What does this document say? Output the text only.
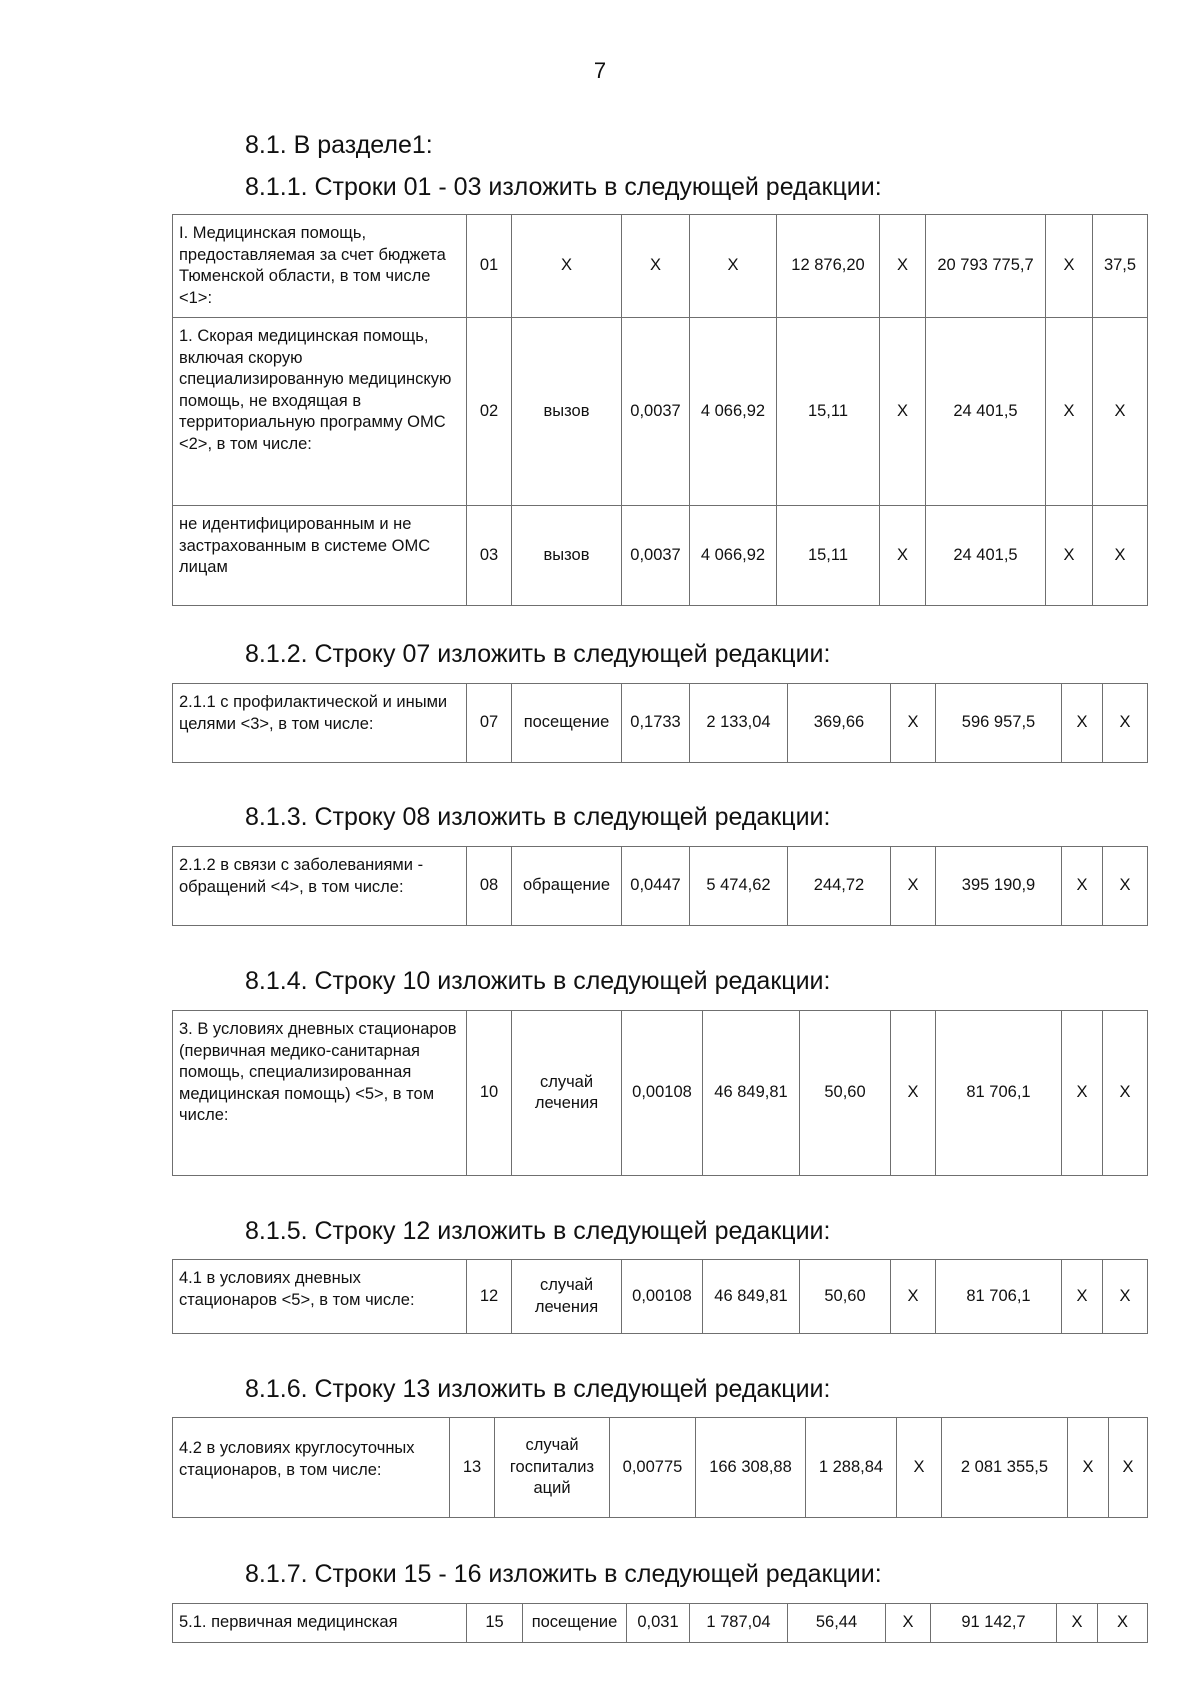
7
8.1. В разделе1:
8.1.1. Строки 01 - 03 изложить в следующей редакции:
I. Медицинская помощь, предоставляемая за счет бюджета Тюменской области, в том числе <1>:	01	X	X	X	12 876,20	X	20 793 775,7	X	37,5
1. Скорая медицинская помощь, включая скорую специализированную медицинскую помощь, не входящая в территориальную программу ОМС <2>, в том числе:	02	вызов	0,0037	4 066,92	15,11	X	24 401,5	X	X
не идентифицированным и не застрахованным в системе ОМС лицам	03	вызов	0,0037	4 066,92	15,11	X	24 401,5	X	X
8.1.2. Строку 07 изложить в следующей редакции:
2.1.1 с профилактической и иными целями <3>, в том числе:	07	посещение	0,1733	2 133,04	369,66	X	596 957,5	X	X
8.1.3. Строку 08 изложить в следующей редакции:
2.1.2 в связи с заболеваниями - обращений <4>, в том числе:	08	обращение	0,0447	5 474,62	244,72	X	395 190,9	X	X
8.1.4. Строку 10 изложить в следующей редакции:
3. В условиях дневных стационаров (первичная медико-санитарная помощь, специализированная медицинская помощь) <5>, в том числе:	10	случай лечения	0,00108	46 849,81	50,60	X	81 706,1	X	X
8.1.5. Строку 12 изложить в следующей редакции:
4.1 в условиях дневных стационаров <5>, в том числе:	12	случай лечения	0,00108	46 849,81	50,60	X	81 706,1	X	X
8.1.6. Строку 13 изложить в следующей редакции:
4.2 в условиях круглосуточных стационаров, в том числе:	13	случай госпитализ аций	0,00775	166 308,88	1 288,84	X	2 081 355,5	X	X
8.1.7. Строки 15 - 16 изложить в следующей редакции:
5.1. первичная медицинская	15	посещение	0,031	1 787,04	56,44	X	91 142,7	X	X
